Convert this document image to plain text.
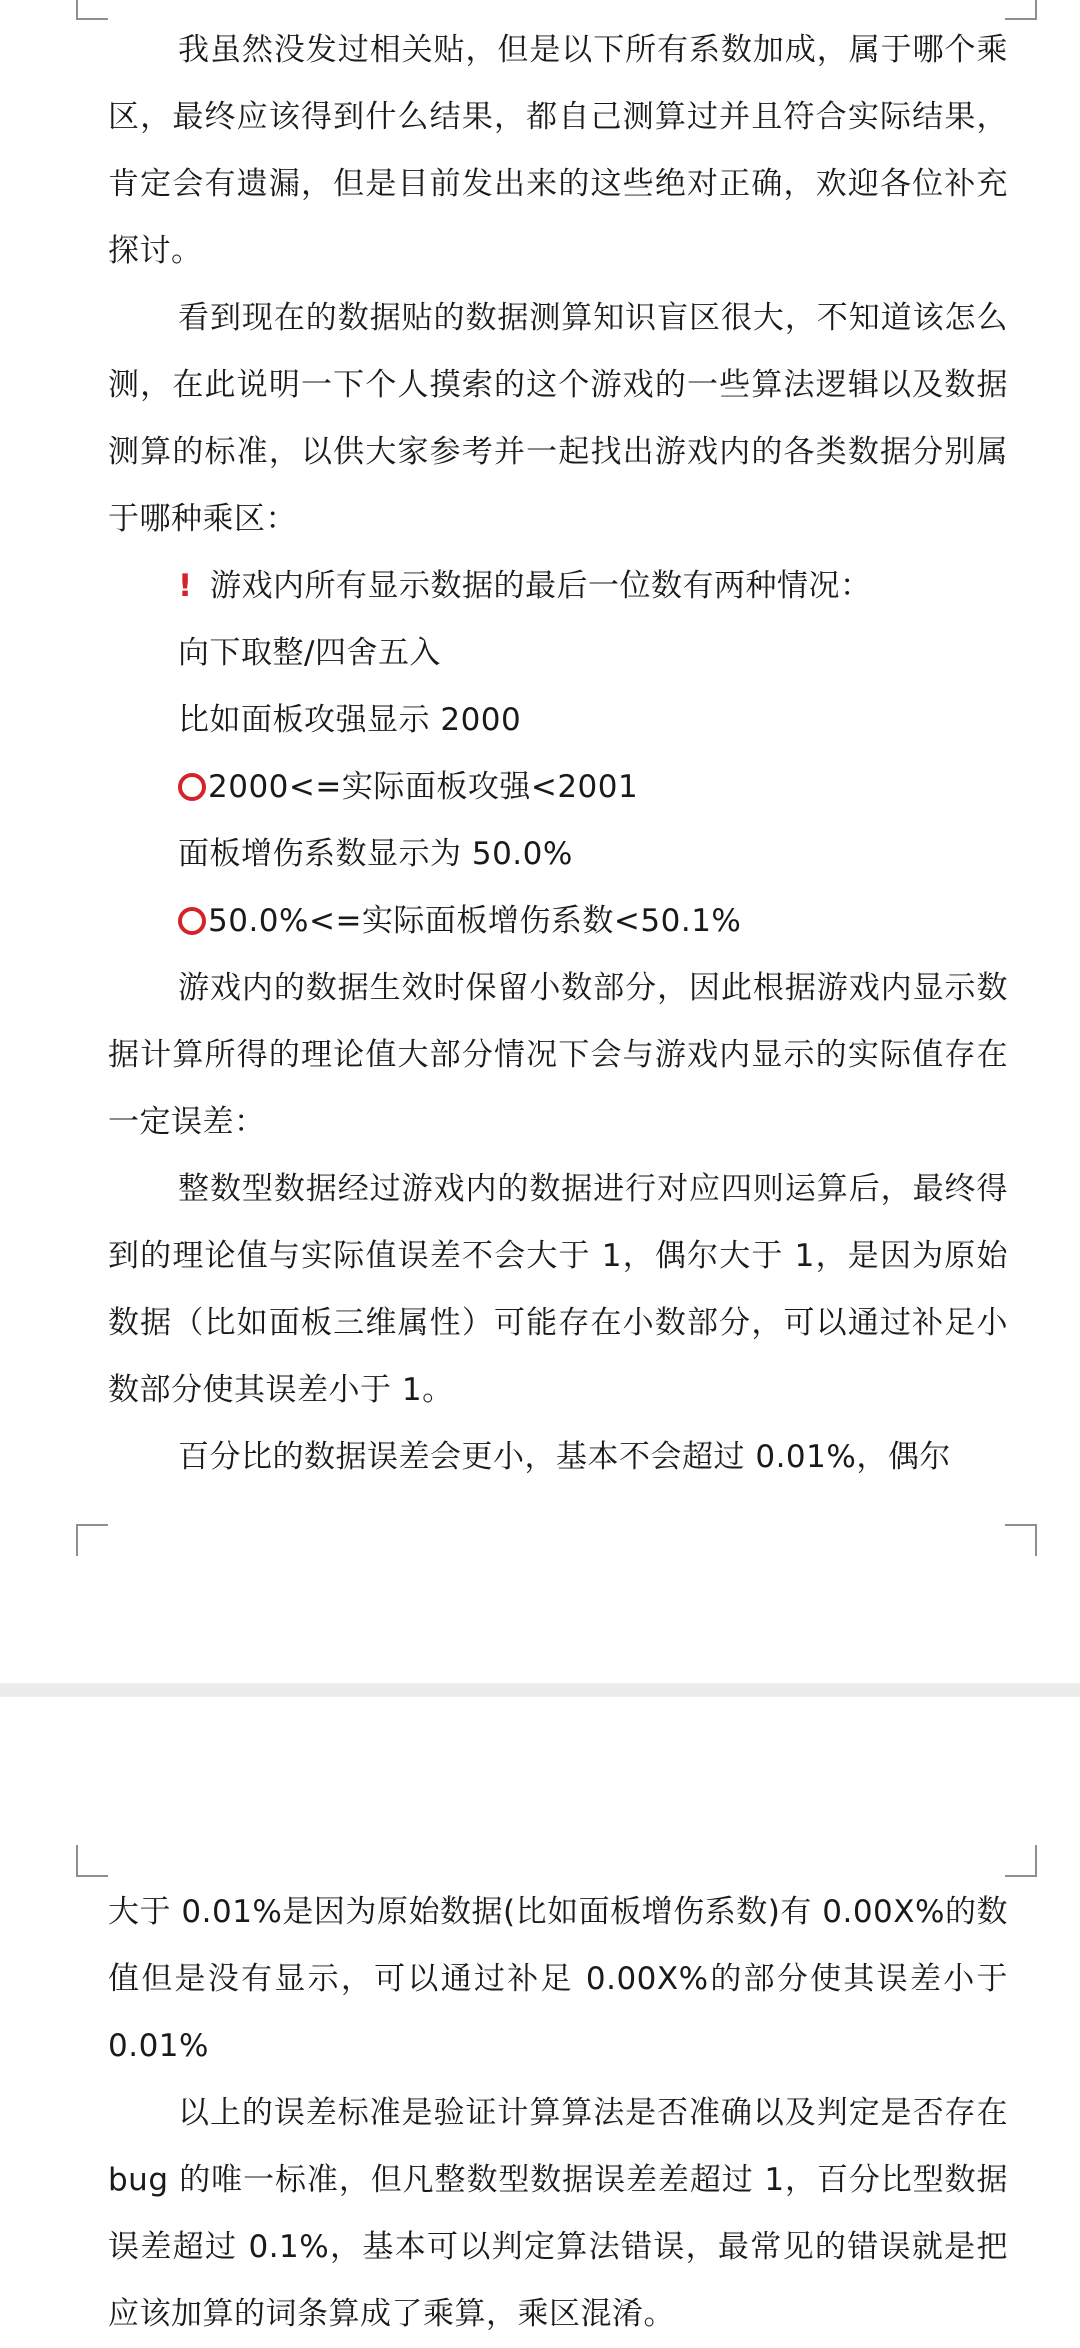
我虽然没发过相关贴，但是以下所有系数加成，属于哪个乘区，最终应该得到什么结果，都自己测算过并且符合实际结果，肯定会有遗漏，但是目前发出来的这些绝对正确，欢迎各位补充探讨。

看到现在的数据贴的数据测算知识盲区很大，不知道该怎么测，在此说明一下个人摸索的这个游戏的一些算法逻辑以及数据测算的标准，以供大家参考并一起找出游戏内的各类数据分别属于哪种乘区：

! 游戏内所有显示数据的最后一位数有两种情况：

向下取整/四舍五入

比如面板攻强显示 2000

2000<=实际面板攻强<2001

面板增伤系数显示为 50.0%

50.0%<=实际面板增伤系数<50.1%

游戏内的数据生效时保留小数部分，因此根据游戏内显示数据计算所得的理论值大部分情况下会与游戏内显示的实际值存在一定误差：

整数型数据经过游戏内的数据进行对应四则运算后，最终得到的理论值与实际值误差不会大于 1，偶尔大于 1，是因为原始数据（比如面板三维属性）可能存在小数部分，可以通过补足小数部分使其误差小于 1。

百分比的数据误差会更小，基本不会超过 0.01%，偶尔

大于 0.01%是因为原始数据(比如面板增伤系数)有 0.00X%的数值但是没有显示，可以通过补足 0.00X%的部分使其误差小于 0.01%

以上的误差标准是验证计算算法是否准确以及判定是否存在 bug 的唯一标准，但凡整数型数据误差差超过 1，百分比型数据误差超过 0.1%，基本可以判定算法错误，最常见的错误就是把应该加算的词条算成了乘算，乘区混淆。
